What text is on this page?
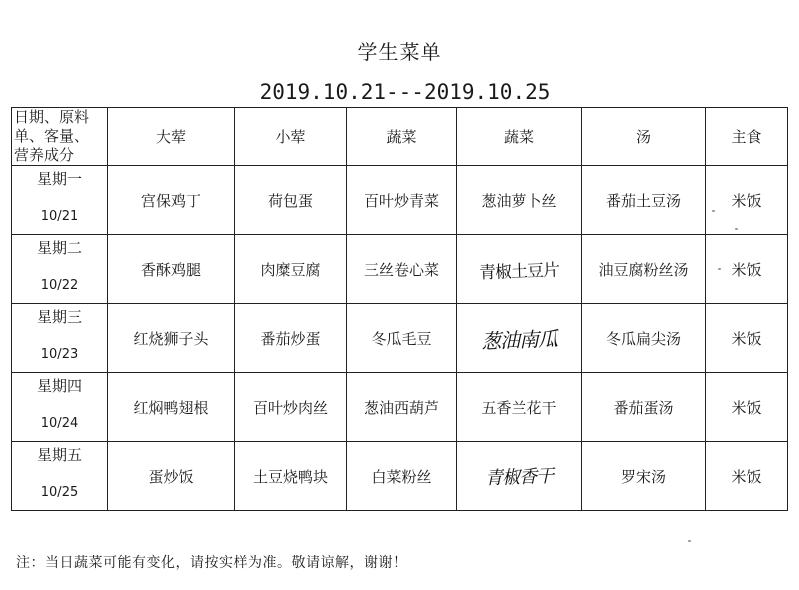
学生菜单
2019.10.21---2019.10.25
日期、原料
单、客量、
营养成分	大荤	小荤	蔬菜	蔬菜	汤	主食

星期一
10/21	宫保鸡丁	荷包蛋	百叶炒青菜	葱油萝卜丝	番茄土豆汤	米饭

星期二
10/22	香酥鸡腿	肉糜豆腐	三丝卷心菜	青椒土豆片	油豆腐粉丝汤	米饭

星期三
10/23	红烧狮子头	番茄炒蛋	冬瓜毛豆	葱油南瓜	冬瓜扁尖汤	米饭

星期四
10/24	红焖鸭翅根	百叶炒肉丝	葱油西葫芦	五香兰花干	番茄蛋汤	米饭

星期五
10/25	蛋炒饭	土豆烧鸭块	白菜粉丝	青椒香干	罗宋汤	米饭
注：当日蔬菜可能有变化，请按实样为准。敬请谅解，谢谢！
